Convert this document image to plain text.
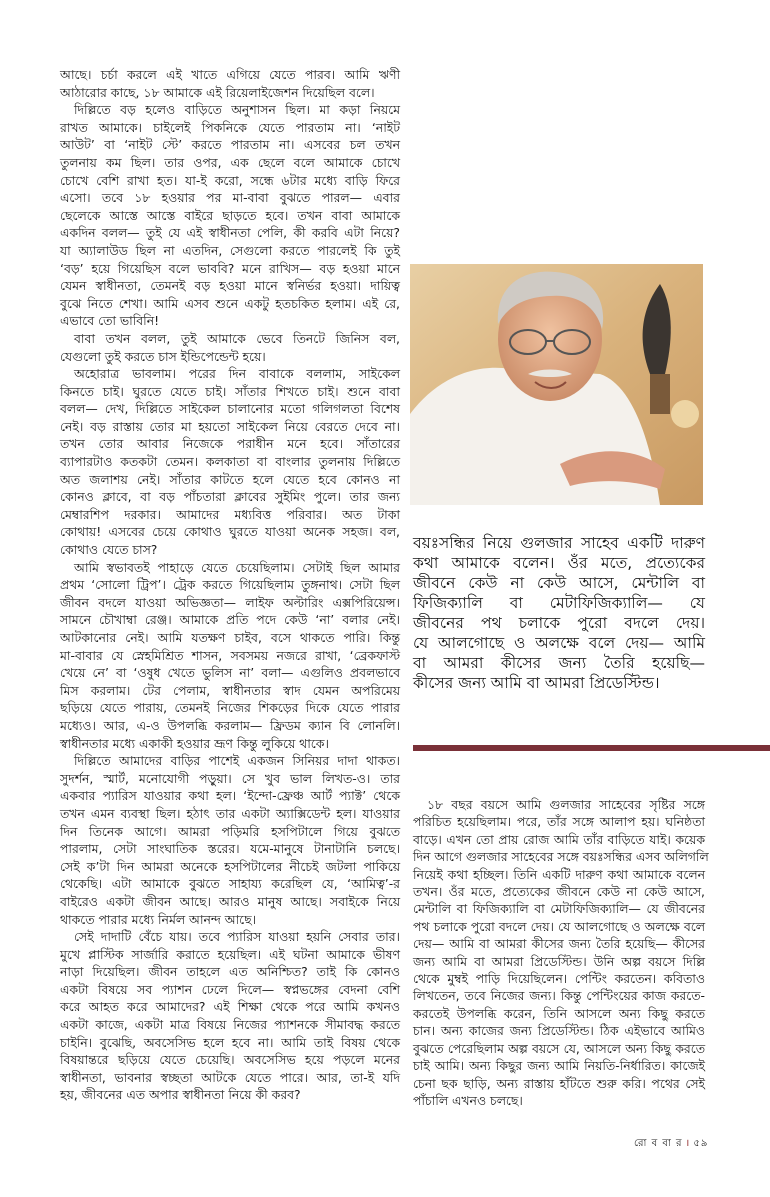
আছে। চর্চা করলে এই খাতে এগিয়ে যেতে পারব। আমি ঋণী
আঠারোর কাছে, ১৮ আমাকে এই রিয়েলাইজেশন দিয়েছিল বলে।
দিল্লিতে বড় হলেও বাড়িতে অনুশাসন ছিল। মা কড়া নিয়মে
রাখত আমাকে। চাইলেই পিকনিকে যেতে পারতাম না। ‘নাইট
আউট’ বা ‘নাইট স্টে’ করতে পারতাম না। এসবের চল তখন
তুলনায় কম ছিল। তার ওপর, এক ছেলে বলে আমাকে চোখে
চোখে বেশি রাখা হত। যা-ই করো, সন্ধে ৬টার মধ্যে বাড়ি ফিরে
এসো। তবে ১৮ হওয়ার পর মা-বাবা বুঝতে পারল— এবার
ছেলেকে আস্তে আস্তে বাইরে ছাড়তে হবে। তখন বাবা আমাকে
একদিন বলল— তুই যে এই স্বাধীনতা পেলি, কী করবি এটা নিয়ে?
যা অ্যালাউড ছিল না এতদিন, সেগুলো করতে পারলেই কি তুই
‘বড়’ হয়ে গিয়েছিস বলে ভাববি? মনে রাখিস— বড় হওয়া মানে
যেমন স্বাধীনতা, তেমনই বড় হওয়া মানে স্বনির্ভর হওয়া। দায়িত্ব
বুঝে নিতে শেখা। আমি এসব শুনে একটু হতচকিত হলাম। এই রে,
এভাবে তো ভাবিনি!
বাবা তখন বলল, তুই আমাকে ভেবে তিনটে জিনিস বল,
যেগুলো তুই করতে চাস ইন্ডিপেন্ডেন্ট হয়ে।
অহোরাত্র ভাবলাম। পরের দিন বাবাকে বললাম, সাইকেল
কিনতে চাই। ঘুরতে যেতে চাই। সাঁতার শিখতে চাই। শুনে বাবা
বলল— দেখ, দিল্লিতে সাইকেল চালানোর মতো গলিগলতা বিশেষ
নেই। বড় রাস্তায় তোর মা হয়তো সাইকেল নিয়ে বেরতে দেবে না।
তখন তোর আবার নিজেকে পরাধীন মনে হবে। সাঁতারের
ব্যাপারটাও কতকটা তেমন। কলকাতা বা বাংলার তুলনায় দিল্লিতে
অত জলাশয় নেই। সাঁতার কাটতে হলে যেতে হবে কোনও না
কোনও ক্লাবে, বা বড় পাঁচতারা ক্লাবের সুইমিং পুলে। তার জন্য
মেম্বারশিপ দরকার। আমাদের মধ্যবিত্ত পরিবার। অত টাকা
কোথায়! এসবের চেয়ে কোথাও ঘুরতে যাওয়া অনেক সহজ। বল,
কোথাও যেতে চাস?
আমি স্বভাবতই পাহাড়ে যেতে চেয়েছিলাম। সেটাই ছিল আমার
প্রথম ‘সোলো ট্রিপ’। ট্রেক করতে গিয়েছিলাম তুঙ্গনাথ। সেটা ছিল
জীবন বদলে যাওয়া অভিজ্ঞতা— লাইফ অল্টারিং এক্সপিরিয়েন্স।
সামনে চৌখাম্বা রেঞ্জ। আমাকে প্রতি পদে কেউ ‘না’ বলার নেই।
আটকানোর নেই। আমি যতক্ষণ চাইব, বসে থাকতে পারি। কিন্তু
মা-বাবার যে স্নেহমিশ্রিত শাসন, সবসময় নজরে রাখা, ‘ব্রেকফাস্ট
খেয়ে নে’ বা ‘ওষুধ খেতে ভুলিস না’ বলা— এগুলিও প্রবলভাবে
মিস করলাম। টের পেলাম, স্বাধীনতার স্বাদ যেমন অপরিমেয়
ছড়িয়ে যেতে পারায়, তেমনই নিজের শিকড়ের দিকে যেতে পারার
মধ্যেও। আর, এ-ও উপলব্ধি করলাম— ফ্রিডম ক্যান বি লোনলি।
স্বাধীনতার মধ্যে একাকী হওয়ার ভ্রূণ কিন্তু লুকিয়ে থাকে।
দিল্লিতে আমাদের বাড়ির পাশেই একজন সিনিয়র দাদা থাকত।
সুদর্শন, স্মার্ট, মনোযোগী পড়ুয়া। সে খুব ভাল লিখত-ও। তার
একবার প্যারিস যাওয়ার কথা হল। ‘ইন্দো-ফ্রেঞ্চ আর্ট প্যাক্ট’ থেকে
তখন এমন ব্যবস্থা ছিল। হঠাৎ তার একটা অ্যাক্সিডেন্ট হল। যাওয়ার
দিন তিনেক আগে। আমরা পড়িমরি হসপিটালে গিয়ে বুঝতে
পারলাম, সেটা সাংঘাতিক স্তরের। যমে-মানুষে টানাটানি চলছে।
সেই ক’টা দিন আমরা অনেকে হসপিটালের নীচেই জটলা পাকিয়ে
থেকেছি। এটা আমাকে বুঝতে সাহায্য করেছিল যে, ‘আমিত্ব’-র
বাইরেও একটা জীবন আছে। আরও মানুষ আছে। সবাইকে নিয়ে
থাকতে পারার মধ্যে নির্মল আনন্দ আছে।
সেই দাদাটি বেঁচে যায়। তবে প্যারিস যাওয়া হয়নি সেবার তার।
মুখে প্লাস্টিক সার্জারি করাতে হয়েছিল। এই ঘটনা আমাকে ভীষণ
নাড়া দিয়েছিল। জীবন তাহলে এত অনিশ্চিত? তাই কি কোনও
একটা বিষয়ে সব প্যাশন ঢেলে দিলে— স্বপ্নভঙ্গের বেদনা বেশি
করে আহত করে আমাদের? এই শিক্ষা থেকে পরে আমি কখনও
একটা কাজে, একটা মাত্র বিষয়ে নিজের প্যাশনকে সীমাবদ্ধ করতে
চাইনি। বুঝেছি, অবসেসিভ হলে হবে না। আমি তাই বিষয় থেকে
বিষয়ান্তরে ছড়িয়ে যেতে চেয়েছি। অবসেসিভ হয়ে পড়লে মনের
স্বাধীনতা, ভাবনার স্বচ্ছতা আটকে যেতে পারে। আর, তা-ই যদি
হয়, জীবনের এত অপার স্বাধীনতা নিয়ে কী করব?
বয়ঃসন্ধির নিয়ে গুলজার সাহেব একটি দারুণ
কথা আমাকে বলেন। ওঁর মতে, প্রত্যেকের
জীবনে কেউ না কেউ আসে, মেন্টালি বা
ফিজিক্যালি বা মেটাফিজিক্যালি— যে
জীবনের পথ চলাকে পুরো বদলে দেয়।
যে আলগোছে ও অলক্ষে বলে দেয়— আমি
বা আমরা কীসের জন্য তৈরি হয়েছি—
কীসের জন্য আমি বা আমরা প্রিডেস্টিন্ড।
১৮ বছর বয়সে আমি গুলজার সাহেবের সৃষ্টির সঙ্গে
পরিচিত হয়েছিলাম। পরে, তাঁর সঙ্গে আলাপ হয়। ঘনিষ্ঠতা
বাড়ে। এখন তো প্রায় রোজ আমি তাঁর বাড়িতে যাই। কয়েক
দিন আগে গুলজার সাহেবের সঙ্গে বয়ঃসন্ধির এসব অলিগলি
নিয়েই কথা হচ্ছিল। তিনি একটি দারুণ কথা আমাকে বলেন
তখন। ওঁর মতে, প্রত্যেকের জীবনে কেউ না কেউ আসে,
মেন্টালি বা ফিজিক্যালি বা মেটাফিজিক্যালি— যে জীবনের
পথ চলাকে পুরো বদলে দেয়। যে আলগোছে ও অলক্ষে বলে
দেয়— আমি বা আমরা কীসের জন্য তৈরি হয়েছি— কীসের
জন্য আমি বা আমরা প্রিডেস্টিন্ড। উনি অল্প বয়সে দিল্লি
থেকে মুম্বই পাড়ি দিয়েছিলেন। পেন্টিং করতেন। কবিতাও
লিখতেন, তবে নিজের জন্য। কিন্তু পেন্টিংয়ের কাজ করতে-
করতেই উপলব্ধি করেন, তিনি আসলে অন্য কিছু করতে
চান। অন্য কাজের জন্য প্রিডেস্টিন্ড। ঠিক এইভাবে আমিও
বুঝতে পেরেছিলাম অল্প বয়সে যে, আসলে অন্য কিছু করতে
চাই আমি। অন্য কিছুর জন্য আমি নিয়তি-নির্ধারিত। কাজেই
চেনা ছক ছাড়ি, অন্য রাস্তায় হাঁটতে শুরু করি। পথের সেই
পাঁচালি এখনও চলছে।
রো ব বা র । ৫৯
